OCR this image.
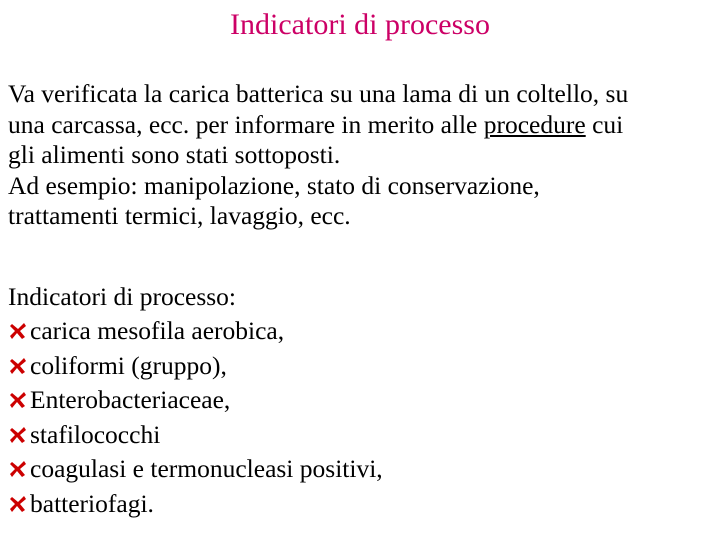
Indicatori di processo
Va verificata la carica batterica su una lama di un coltello, su
una carcassa, ecc. per informare in merito alle procedure cui
gli alimenti sono stati sottoposti.
Ad esempio: manipolazione, stato di conservazione,
trattamenti termici, lavaggio, ecc.
Indicatori di processo:
carica mesofila aerobica,
coliformi (gruppo),
Enterobacteriaceae,
stafilococchi
coagulasi e termonucleasi positivi,
batteriofagi.
